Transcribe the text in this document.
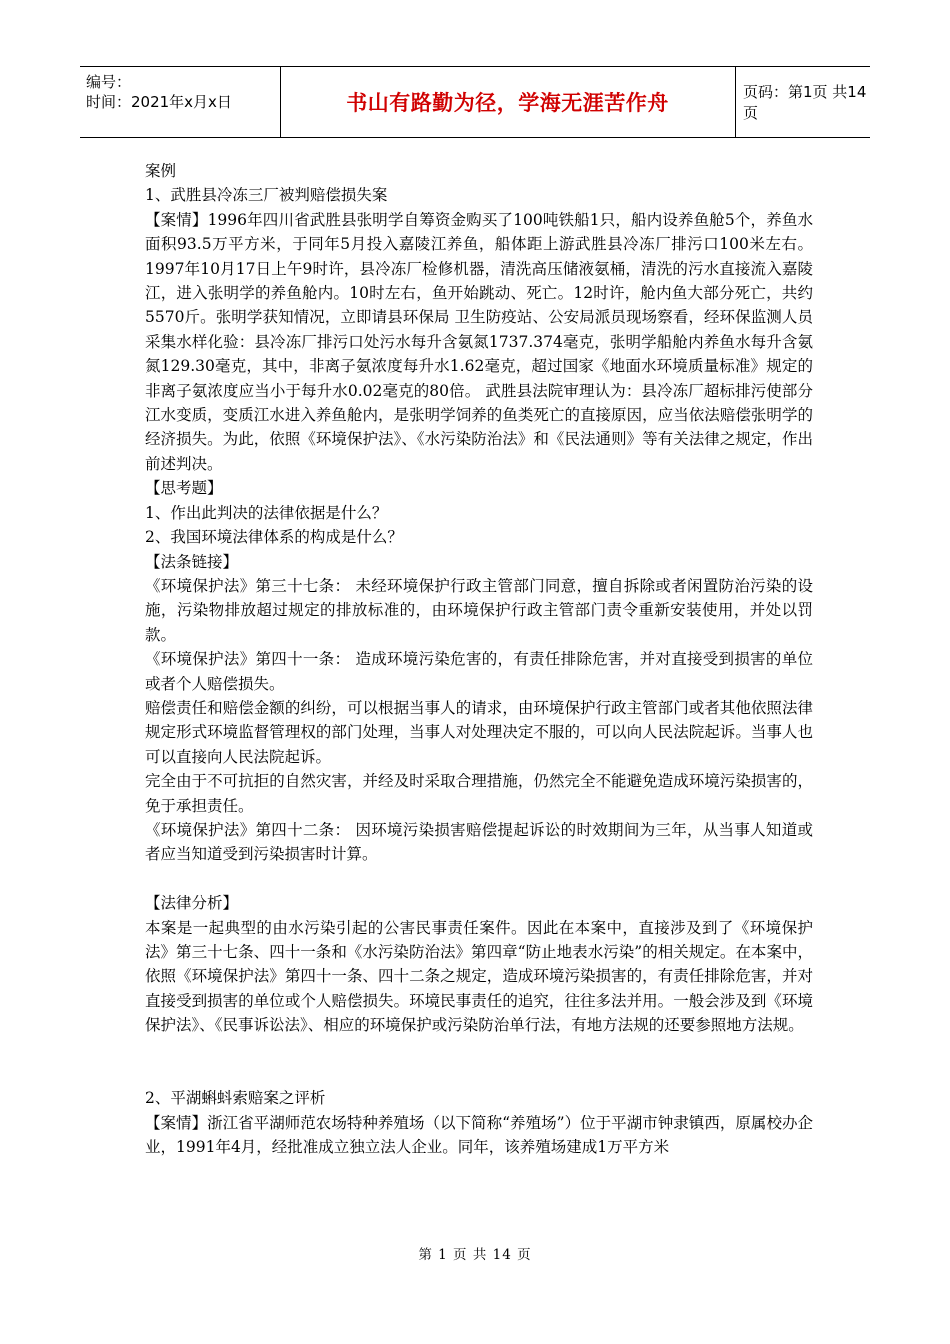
编号：
时间：2021年x月x日	书山有路勤为径，学海无涯苦作舟	页码：第1页 共14页

案例

1、武胜县冷冻三厂被判赔偿损失案

【案情】1996年四川省武胜县张明学自筹资金购买了100吨铁船1只，船内设养鱼舱5个，养鱼水面积93.5万平方米，于同年5月投入嘉陵江养鱼，船体距上游武胜县冷冻厂排污口100米左右。1997年10月17日上午9时许，县冷冻厂检修机器，清洗高压储液氨桶，清洗的污水直接流入嘉陵江，进入张明学的养鱼舱内。10时左右，鱼开始跳动、死亡。12时许，舱内鱼大部分死亡，共约5570斤。张明学获知情况，立即请县环保局 卫生防疫站、公安局派员现场察看，经环保监测人员采集水样化验：县冷冻厂排污口处污水每升含氨氮1737.374毫克，张明学船舱内养鱼水每升含氨氮129.30毫克，其中，非离子氨浓度每升水1.62毫克，超过国家《地面水环境质量标准》规定的非离子氨浓度应当小于每升水0.02毫克的80倍。 武胜县法院审理认为：县冷冻厂超标排污使部分江水变质，变质江水进入养鱼舱内，是张明学饲养的鱼类死亡的直接原因，应当依法赔偿张明学的经济损失。为此，依照《环境保护法》、《水污染防治法》和《民法通则》等有关法律之规定，作出前述判决。

【思考题】

1、作出此判决的法律依据是什么？

2、我国环境法律体系的构成是什么？

【法条链接】

《环境保护法》第三十七条： 未经环境保护行政主管部门同意，擅自拆除或者闲置防治污染的设施，污染物排放超过规定的排放标准的，由环境保护行政主管部门责令重新安装使用，并处以罚款。

《环境保护法》第四十一条： 造成环境污染危害的，有责任排除危害，并对直接受到损害的单位或者个人赔偿损失。

赔偿责任和赔偿金额的纠纷，可以根据当事人的请求，由环境保护行政主管部门或者其他依照法律规定形式环境监督管理权的部门处理，当事人对处理决定不服的，可以向人民法院起诉。当事人也可以直接向人民法院起诉。

完全由于不可抗拒的自然灾害，并经及时采取合理措施，仍然完全不能避免造成环境污染损害的，免于承担责任。

《环境保护法》第四十二条： 因环境污染损害赔偿提起诉讼的时效期间为三年，从当事人知道或者应当知道受到污染损害时计算。

【法律分析】

本案是一起典型的由水污染引起的公害民事责任案件。因此在本案中，直接涉及到了《环境保护法》第三十七条、四十一条和《水污染防治法》第四章“防止地表水污染”的相关规定。在本案中，依照《环境保护法》第四十一条、四十二条之规定，造成环境污染损害的，有责任排除危害，并对直接受到损害的单位或个人赔偿损失。环境民事责任的追究，往往多法并用。一般会涉及到《环境保护法》、《民事诉讼法》、相应的环境保护或污染防治单行法，有地方法规的还要参照地方法规。

2、平湖蝌蚪索赔案之评析

【案情】浙江省平湖师范农场特种养殖场（以下简称“养殖场”）位于平湖市钟隶镇西，原属校办企业，1991年4月，经批准成立独立法人企业。同年，该养殖场建成1万平方米

第 1 页 共 14 页
